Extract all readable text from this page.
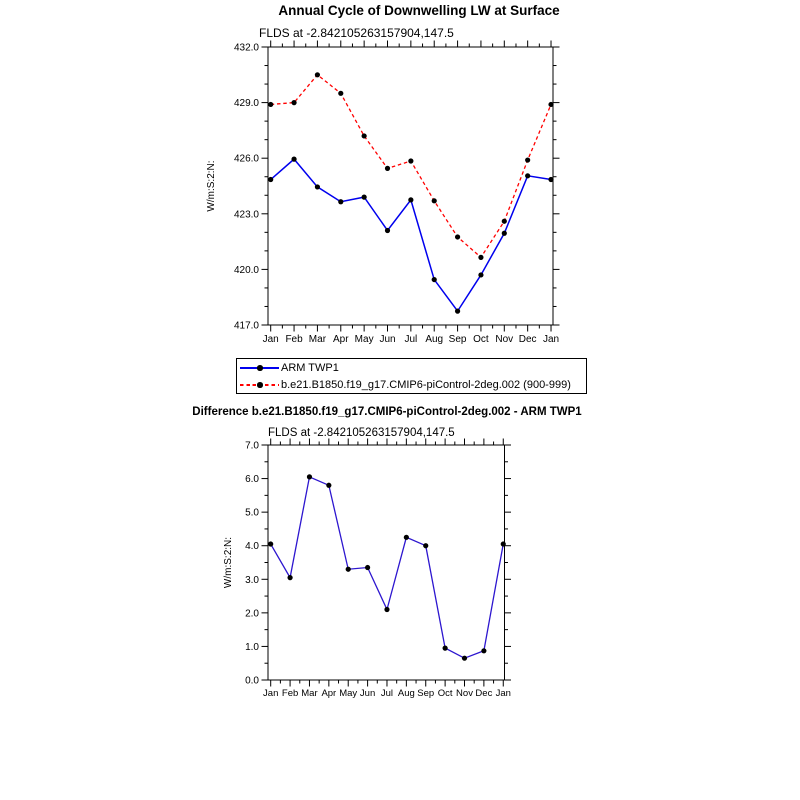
Annual Cycle of Downwelling LW at Surface
FLDS at -2.842105263157904,147.5
Difference b.e21.B1850.f19_g17.CMIP6-piControl-2deg.002 - ARM TWP1
FLDS at -2.842105263157904,147.5
417.0
420.0
423.0
426.0
429.0
432.0
Jan Feb Mar Apr May Jun Jul Aug Sep Oct Nov Dec Jan
W/m:S:2:N:
0.0
1.0
2.0
3.0
4.0
5.0
6.0
7.0
Jan Feb Mar Apr May Jun Jul Aug Sep Oct Nov Dec Jan
W/m:S:2:N:
ARM TWP1
b.e21.B1850.f19_g17.CMIP6-piControl-2deg.002 (900-999)
